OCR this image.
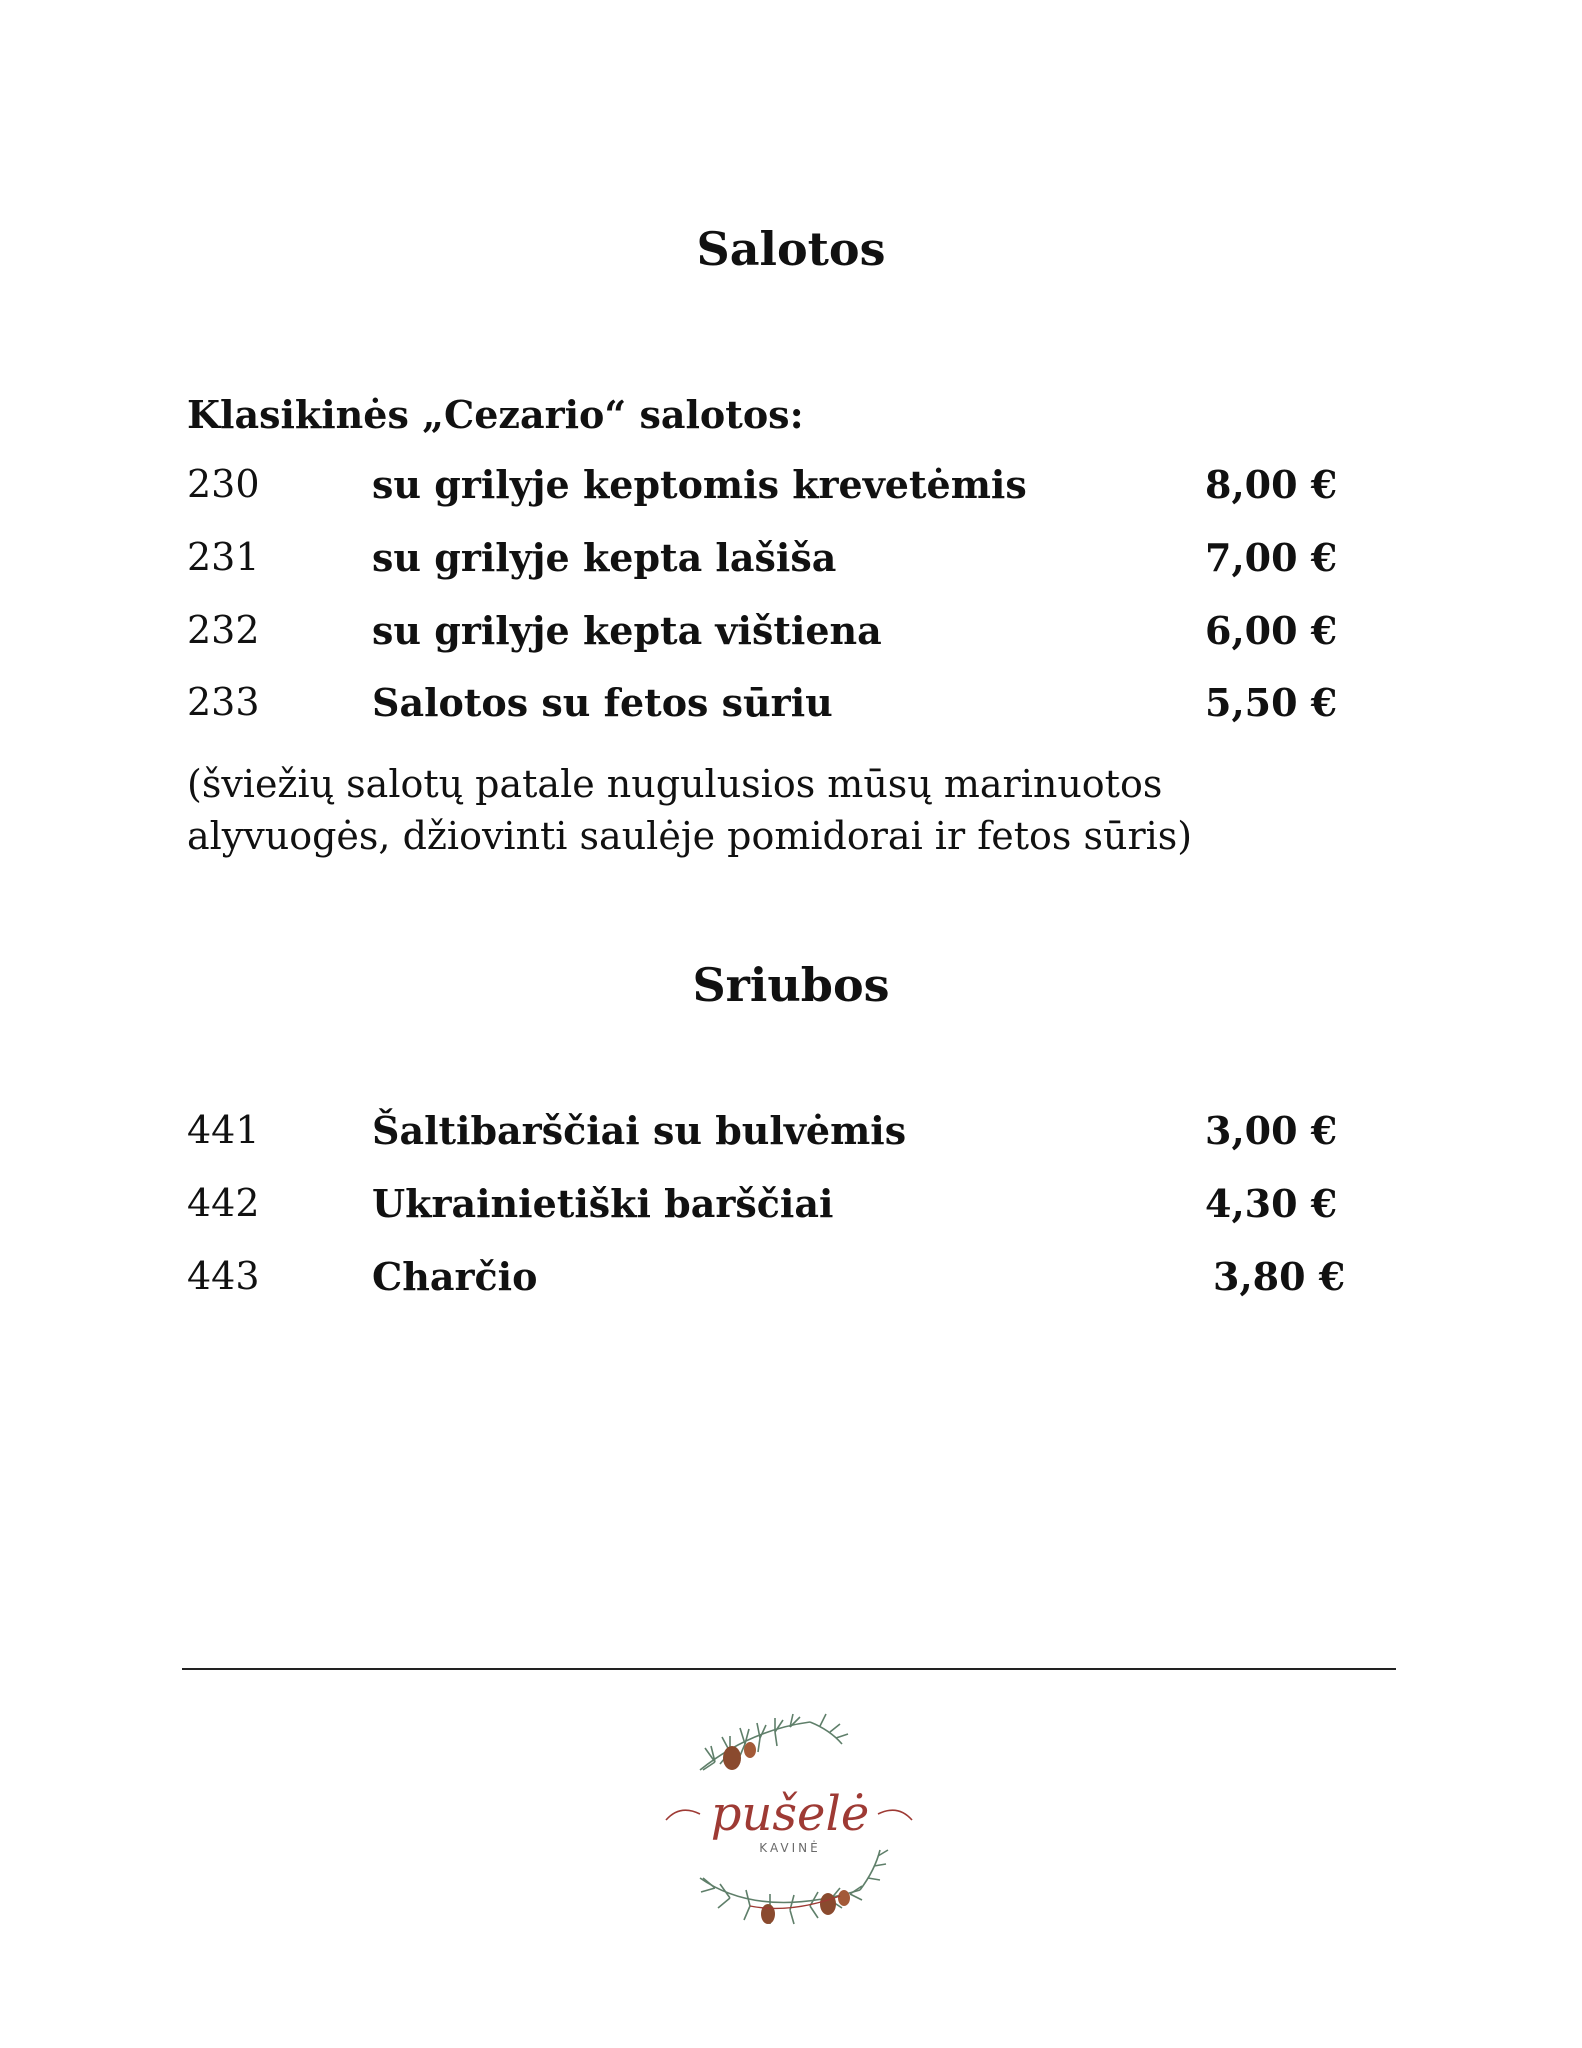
Salotos
Klasikinės „Cezario“ salotos:
230	su grilyje keptomis krevetėmis	8,00 €
231	su grilyje kepta lašiša	7,00 €
232	su grilyje kepta vištiena	6,00 €
233	Salotos su fetos sūriu	5,50 €
(šviežių salotų patale nugulusios mūsų marinuotos
alyvuogės, džiovinti saulėje pomidorai ir fetos sūris)
Sriubos
441	Šaltibarščiai su bulvėmis	3,00 €
442	Ukrainietiški barščiai	4,30 €
443	Charčio	3,80 €
pušelė
KAVINĖ
